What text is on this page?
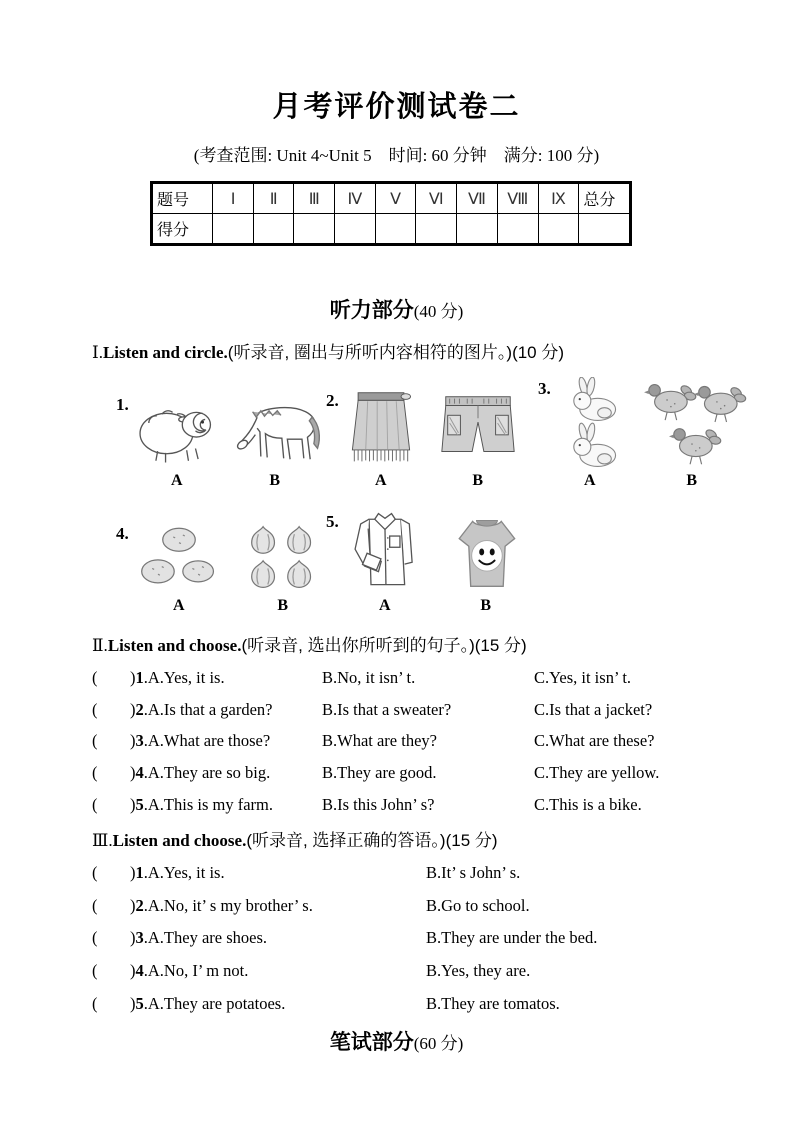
月考评价测试卷二
(考查范围: Unit 4~Unit 5　时间: 60 分钟　满分: 100 分)
题号	Ⅰ	Ⅱ	Ⅲ	Ⅳ	Ⅴ	Ⅵ	Ⅶ	Ⅷ	Ⅸ	总分
得分										
听力部分(40 分)
Ⅰ.Listen and circle.(听录音, 圈出与所听内容相符的图片。)(10 分)
1.
A	B
2.
A	B
3.
A	B
4.
A	B
5.
A	B
Ⅱ.Listen and choose.(听录音, 选出你所听到的句子。)(15 分)
(	)1.A.Yes, it is.	B.No, it isn’ t.	C.Yes, it isn’ t.
(	)2.A.Is that a garden?	B.Is that a sweater?	C.Is that a jacket?
(	)3.A.What are those?	B.What are they?	C.What are these?
(	)4.A.They are so big.	B.They are good.	C.They are yellow.
(	)5.A.This is my farm.	B.Is this John’ s?	C.This is a bike.
Ⅲ.Listen and choose.(听录音, 选择正确的答语。)(15 分)
(	)1.A.Yes, it is.	B.It’ s John’ s.
(	)2.A.No, it’ s my brother’ s.	B.Go to school.
(	)3.A.They are shoes.	B.They are under the bed.
(	)4.A.No, I’ m not.	B.Yes, they are.
(	)5.A.They are potatoes.	B.They are tomatos.
笔试部分(60 分)
